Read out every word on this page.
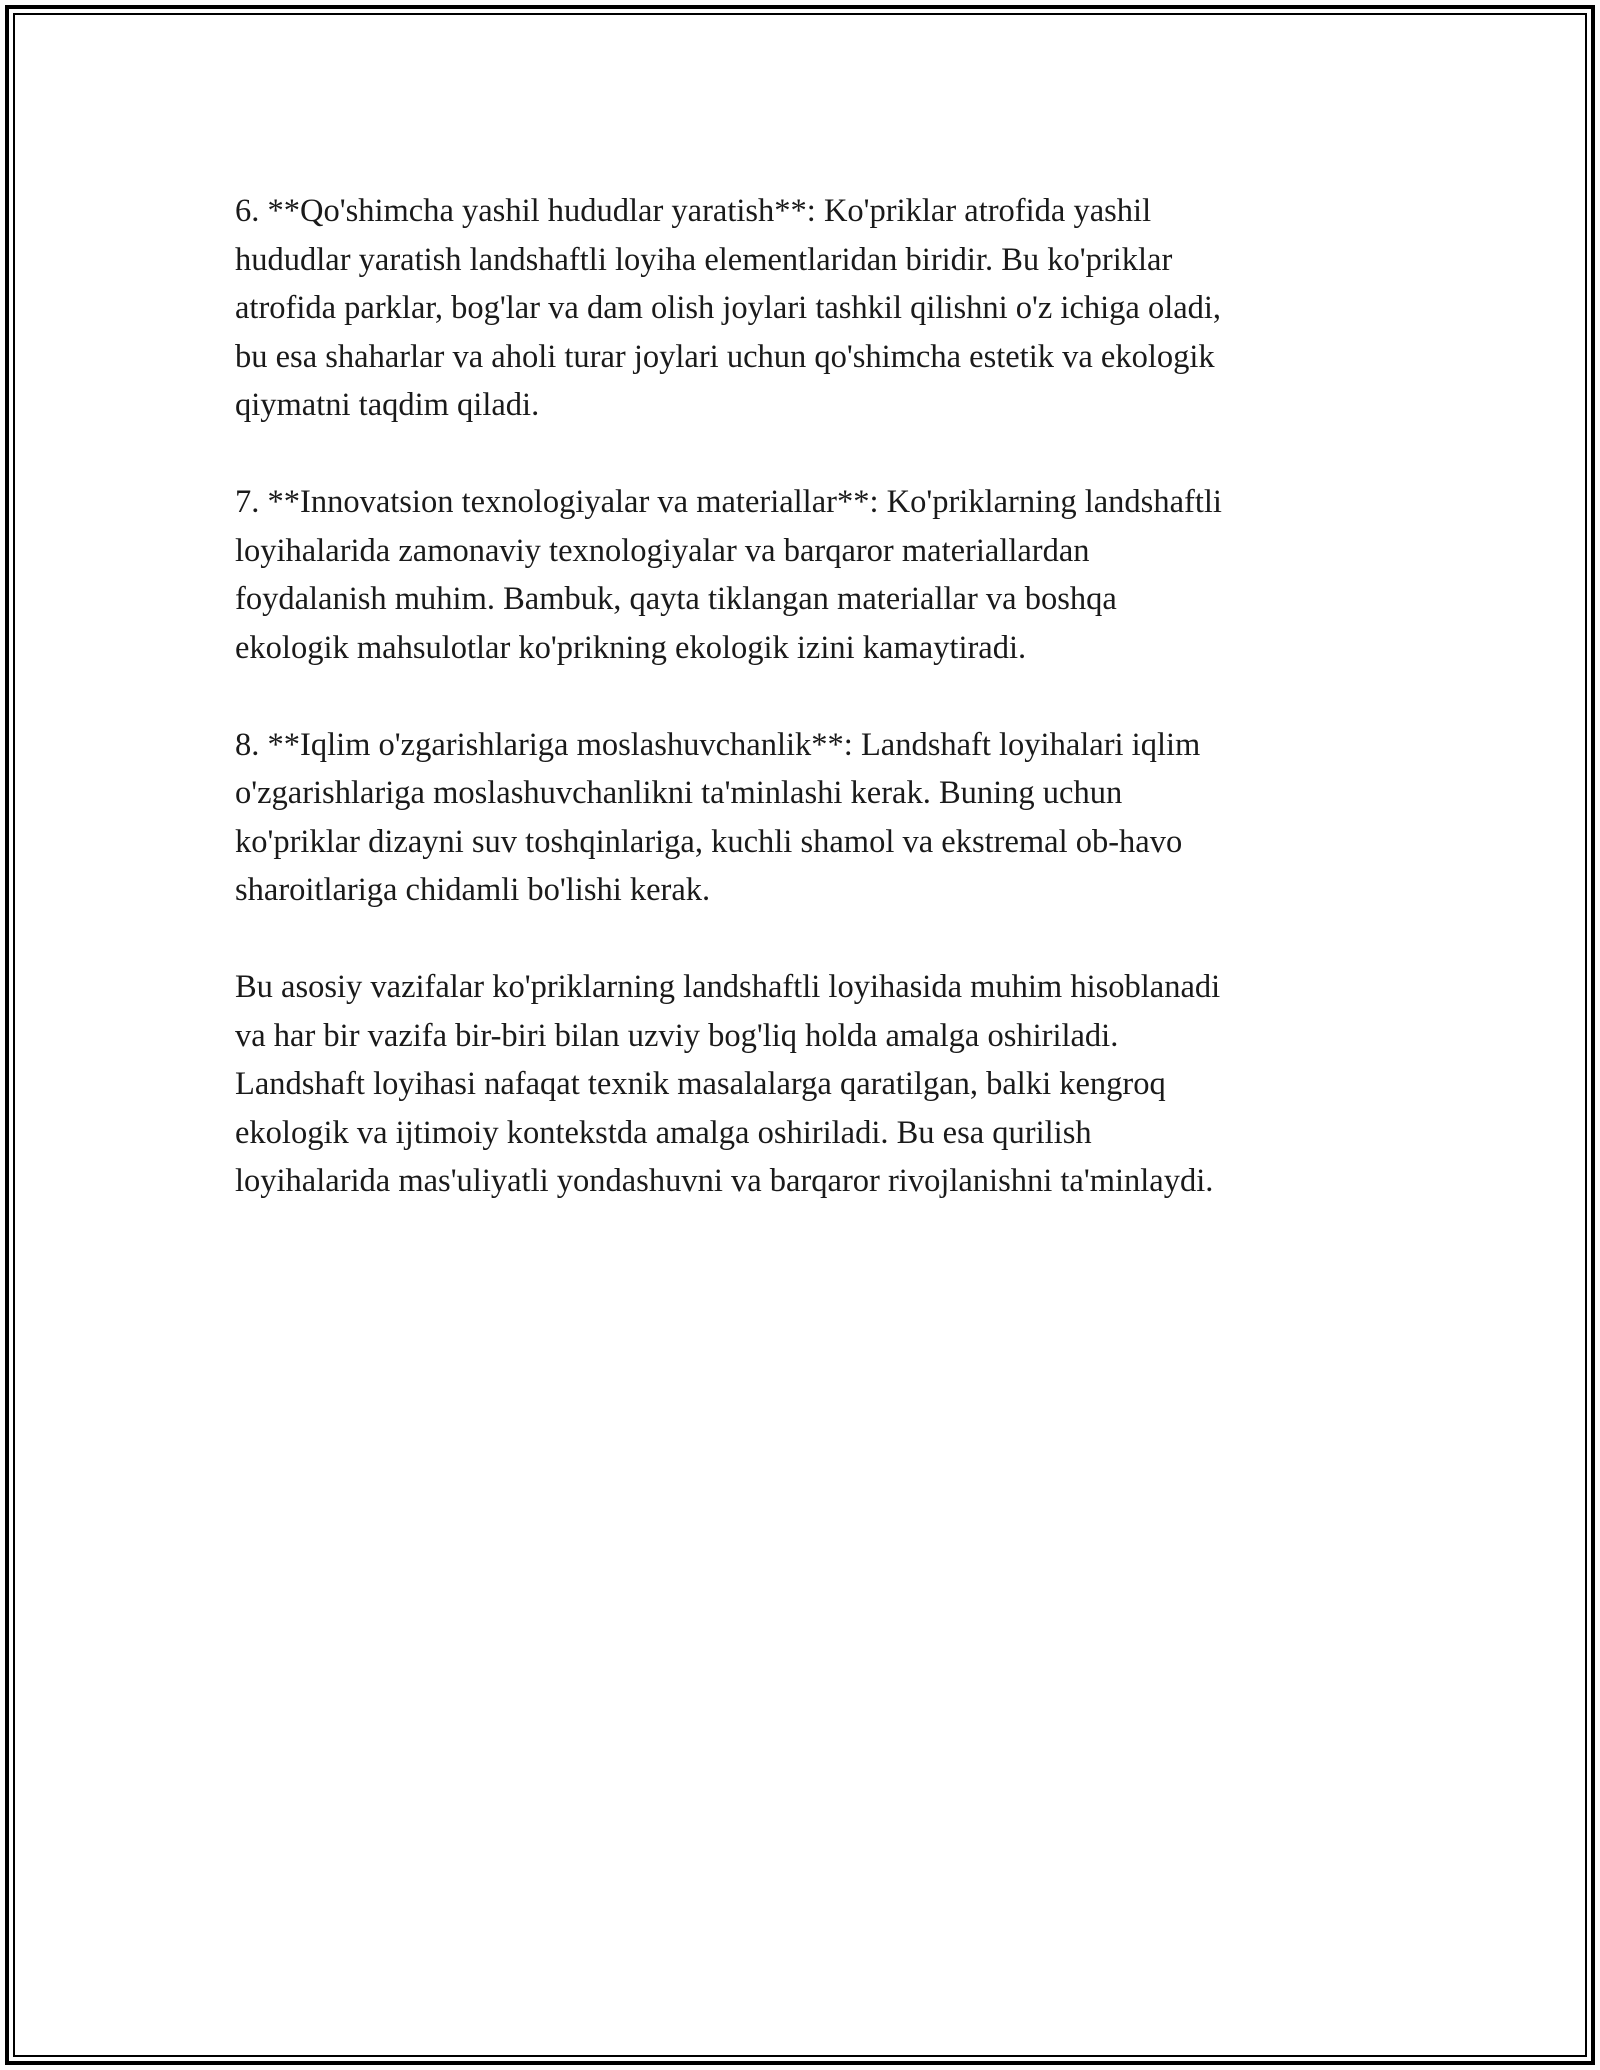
6. **Qo'shimcha yashil hududlar yaratish**: Ko'priklar atrofida yashil
hududlar yaratish landshaftli loyiha elementlaridan biridir. Bu ko'priklar
atrofida parklar, bog'lar va dam olish joylari tashkil qilishni o'z ichiga oladi,
bu esa shaharlar va aholi turar joylari uchun qo'shimcha estetik va ekologik
qiymatni taqdim qiladi.

7. **Innovatsion texnologiyalar va materiallar**: Ko'priklarning landshaftli
loyihalarida zamonaviy texnologiyalar va barqaror materiallardan
foydalanish muhim. Bambuk, qayta tiklangan materiallar va boshqa
ekologik mahsulotlar ko'prikning ekologik izini kamaytiradi.

8. **Iqlim o'zgarishlariga moslashuvchanlik**: Landshaft loyihalari iqlim
o'zgarishlariga moslashuvchanlikni ta'minlashi kerak. Buning uchun
ko'priklar dizayni suv toshqinlariga, kuchli shamol va ekstremal ob-havo
sharoitlariga chidamli bo'lishi kerak.

Bu asosiy vazifalar ko'priklarning landshaftli loyihasida muhim hisoblanadi
va har bir vazifa bir-biri bilan uzviy bog'liq holda amalga oshiriladi.
Landshaft loyihasi nafaqat texnik masalalarga qaratilgan, balki kengroq
ekologik va ijtimoiy kontekstda amalga oshiriladi. Bu esa qurilish
loyihalarida mas'uliyatli yondashuvni va barqaror rivojlanishni ta'minlaydi.
